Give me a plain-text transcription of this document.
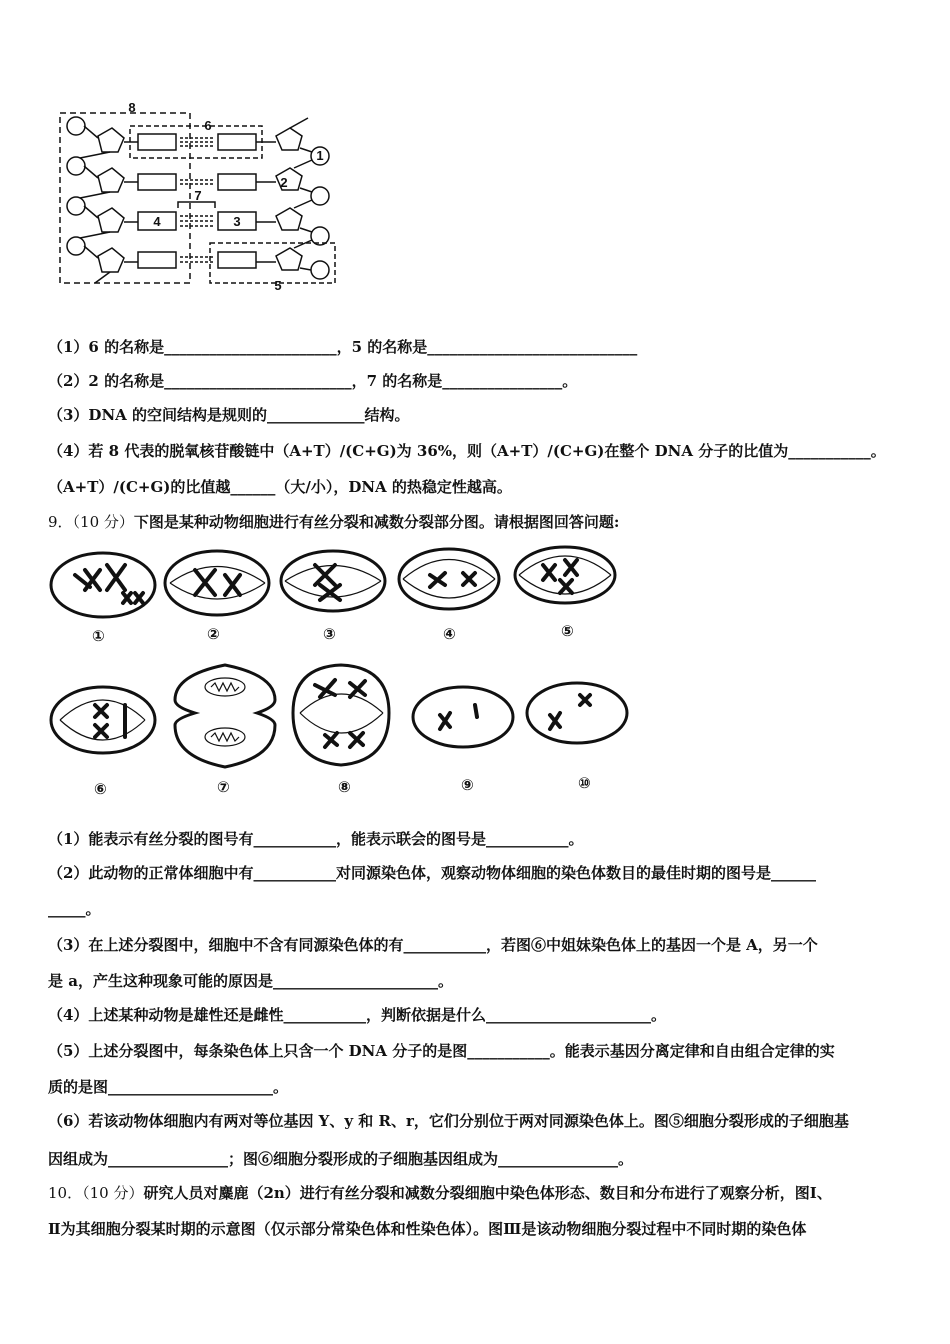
8
6
1
2
7
4	3
5
（1）6 的名称是_______________________，5 的名称是____________________________
（2）2 的名称是_________________________，7 的名称是________________。
（3）DNA 的空间结构是规则的_____________结构。
（4）若 8 代表的脱氧核苷酸链中（A+T）/(C+G)为 36%，则（A+T）/(C+G)在整个 DNA 分子的比值为___________。
（A+T）/(C+G)的比值越______（大/小），DNA 的热稳定性越高。
9．（10 分）下图是某种动物细胞进行有丝分裂和减数分裂部分图。请根据图回答问题:
①	②	③	④	⑤
⑥	⑦	⑧	⑨	⑩
（1）能表示有丝分裂的图号有___________，能表示联会的图号是___________。
（2）此动物的正常体细胞中有___________对同源染色体，观察动物体细胞的染色体数目的最佳时期的图号是______
_____。
（3）在上述分裂图中，细胞中不含有同源染色体的有___________，若图⑥中姐妹染色体上的基因一个是 A，另一个
是 a，产生这种现象可能的原因是______________________。
（4）上述某种动物是雄性还是雌性___________，判断依据是什么______________________。
（5）上述分裂图中，每条染色体上只含一个 DNA 分子的是图___________。能表示基因分离定律和自由组合定律的实
质的是图______________________。
（6）若该动物体细胞内有两对等位基因 Y、y 和 R、r，它们分别位于两对同源染色体上。图⑤细胞分裂形成的子细胞基
因组成为________________；图⑥细胞分裂形成的子细胞基因组成为________________。
10．（10 分）研究人员对麋鹿（2n）进行有丝分裂和减数分裂细胞中染色体形态、数目和分布进行了观察分析，图Ⅰ、
Ⅱ为其细胞分裂某时期的示意图（仅示部分常染色体和性染色体）。图Ⅲ是该动物细胞分裂过程中不同时期的染色体
